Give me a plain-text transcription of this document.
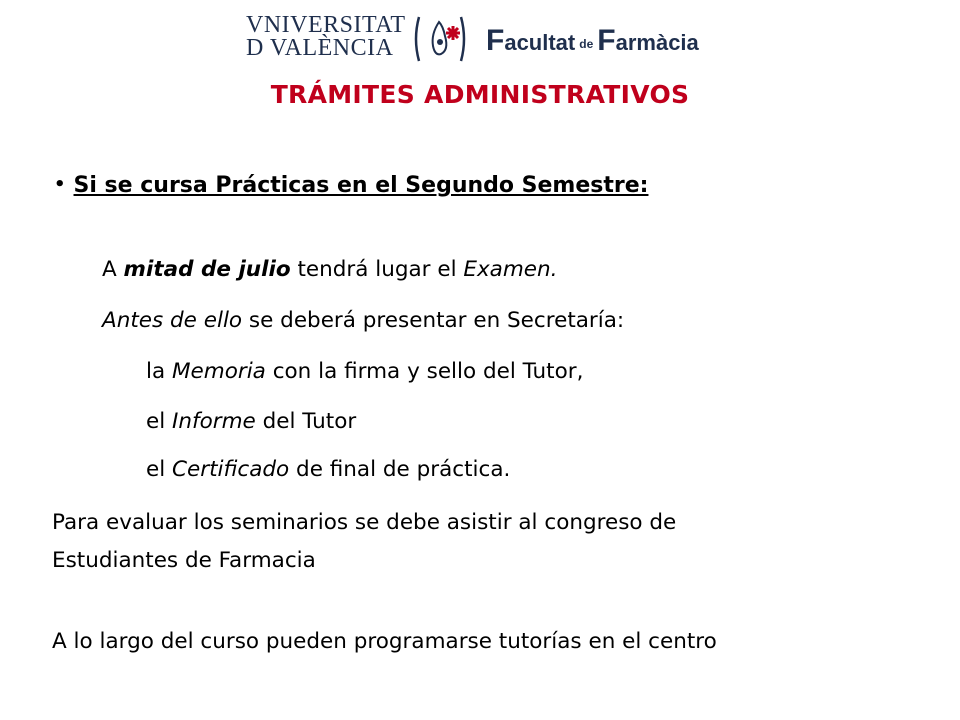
VNIVERSITAT
D VALÈNCIA	Facultat de Farmàcia
TRÁMITES ADMINISTRATIVOS
• Si se cursa Prácticas en el Segundo Semestre:
A mitad de julio tendrá lugar el Examen.
Antes de ello se deberá presentar en Secretaría:
la Memoria con la firma y sello del Tutor,
el Informe del Tutor
el Certificado de final de práctica.
Para evaluar los seminarios se debe asistir al congreso de
Estudiantes de Farmacia
A lo largo del curso pueden programarse tutorías en el centro
